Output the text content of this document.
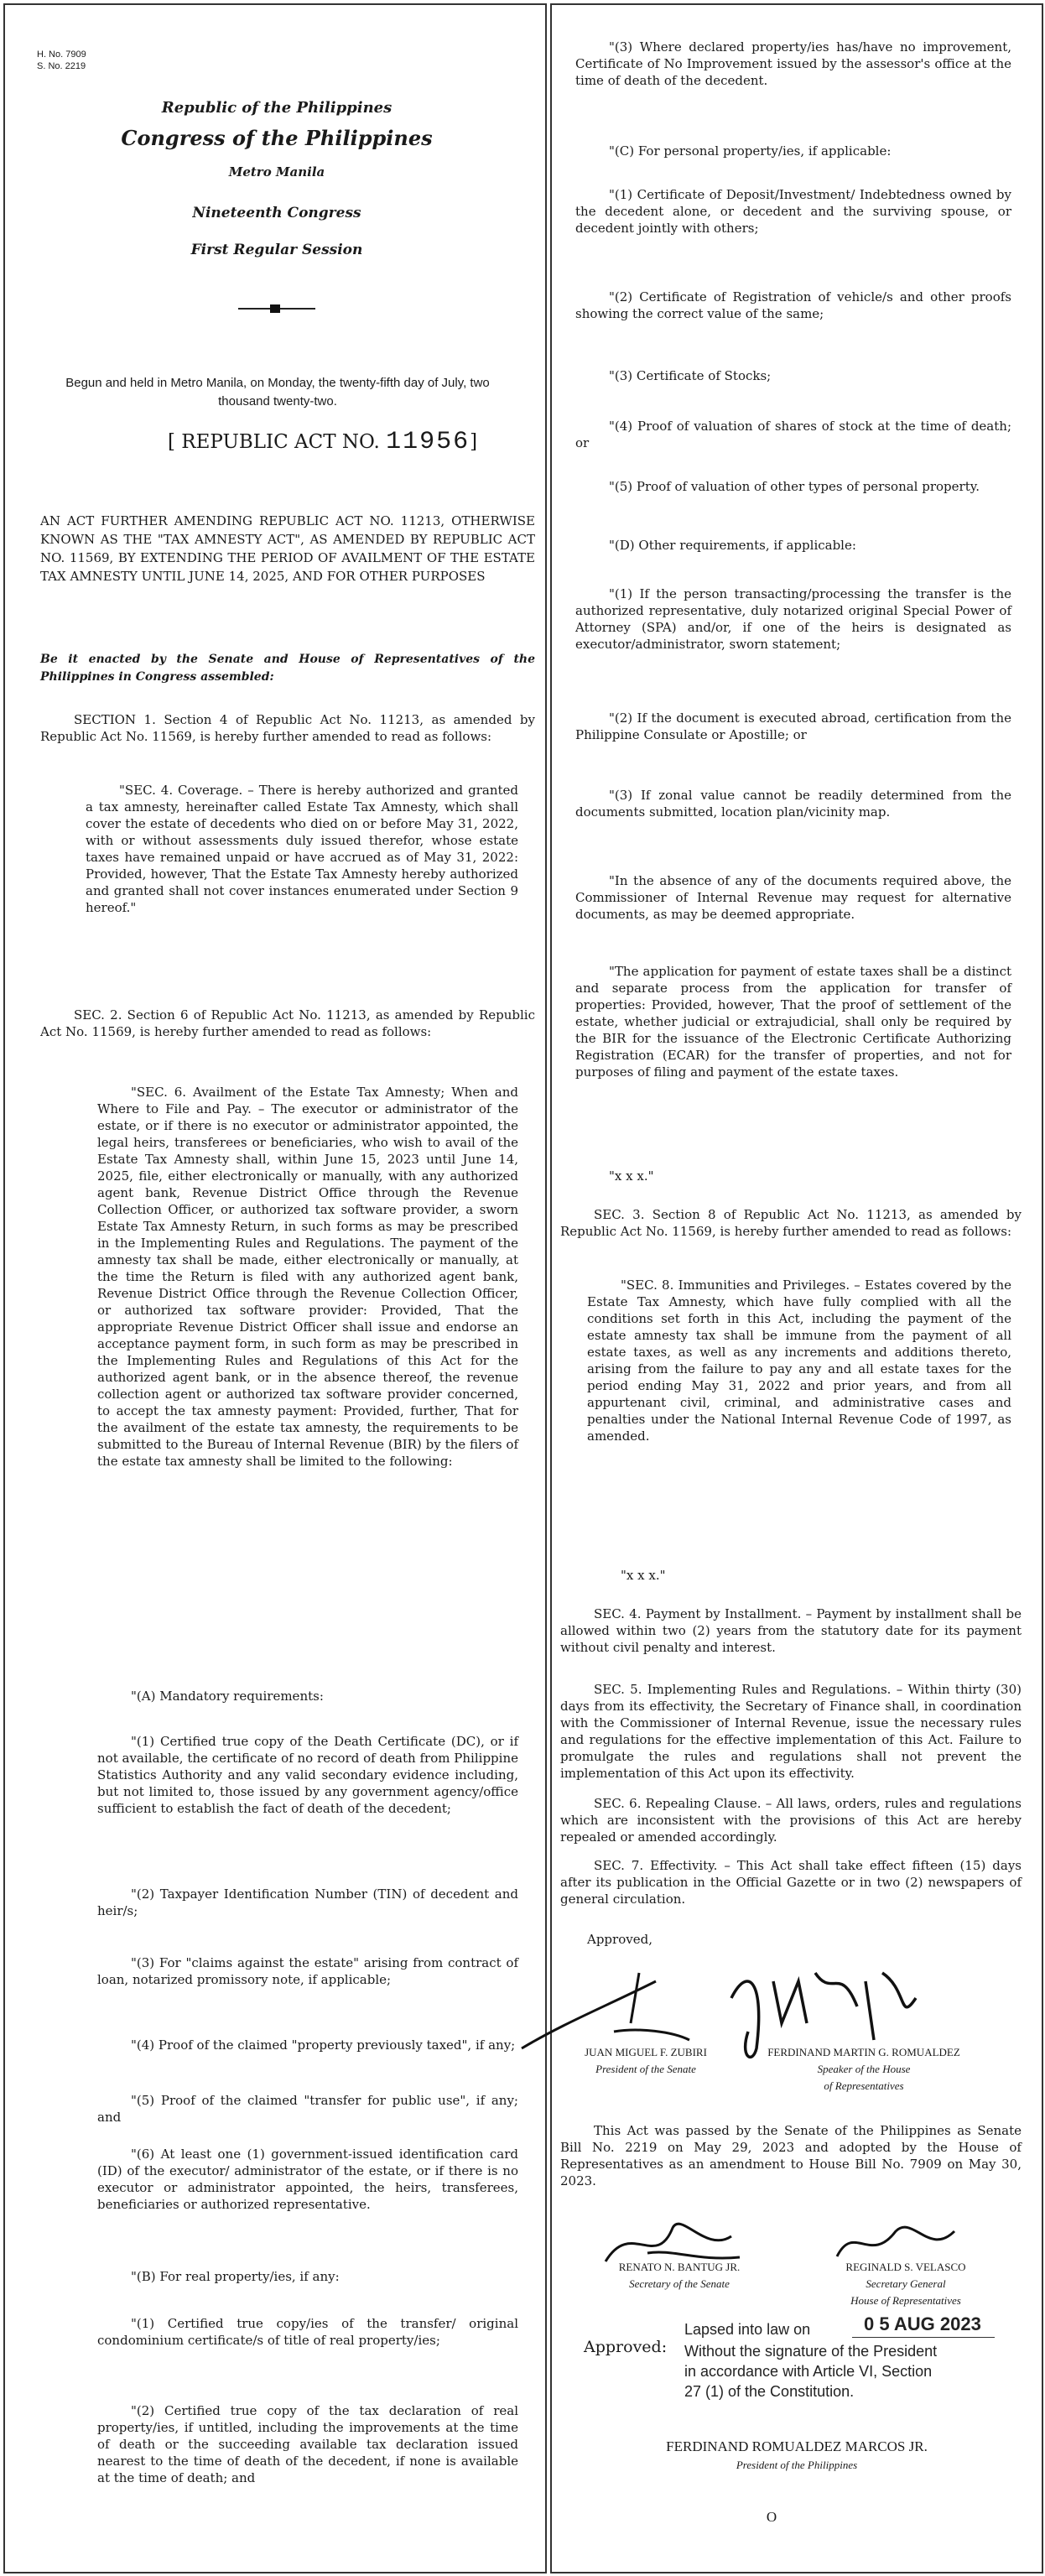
H. No. 7909
S. No. 2219
Republic of the Philippines
Congress of the Philippines
Metro Manila
Nineteenth Congress
First Regular Session

Begun and held in Metro Manila, on Monday, the twenty-fifth day of July, two thousand twenty-two.

[ REPUBLIC ACT NO. 11956]

AN ACT FURTHER AMENDING REPUBLIC ACT NO. 11213, OTHERWISE KNOWN AS THE "TAX AMNESTY ACT", AS AMENDED BY REPUBLIC ACT NO. 11569, BY EXTENDING THE PERIOD OF AVAILMENT OF THE ESTATE TAX AMNESTY UNTIL JUNE 14, 2025, AND FOR OTHER PURPOSES

Be it enacted by the Senate and House of Representatives of the Philippines in Congress assembled:

SECTION 1. Section 4 of Republic Act No. 11213, as amended by Republic Act No. 11569, is hereby further amended to read as follows:

"SEC. 4. Coverage. – There is hereby authorized and granted a tax amnesty, hereinafter called Estate Tax Amnesty, which shall cover the estate of decedents who died on or before May 31, 2022, with or without assessments duly issued therefor, whose estate taxes have remained unpaid or have accrued as of May 31, 2022: Provided, however, That the Estate Tax Amnesty hereby authorized and granted shall not cover instances enumerated under Section 9 hereof."

SEC. 2. Section 6 of Republic Act No. 11213, as amended by Republic Act No. 11569, is hereby further amended to read as follows:

"SEC. 6. Availment of the Estate Tax Amnesty; When and Where to File and Pay. – The executor or administrator of the estate, or if there is no executor or administrator appointed, the legal heirs, transferees or beneficiaries, who wish to avail of the Estate Tax Amnesty shall, within June 15, 2023 until June 14, 2025, file, either electronically or manually, with any authorized agent bank, Revenue District Office through the Revenue Collection Officer, or authorized tax software provider, a sworn Estate Tax Amnesty Return, in such forms as may be prescribed in the Implementing Rules and Regulations. The payment of the amnesty tax shall be made, either electronically or manually, at the time the Return is filed with any authorized agent bank, Revenue District Office through the Revenue Collection Officer, or authorized tax software provider: Provided, That the appropriate Revenue District Officer shall issue and endorse an acceptance payment form, in such form as may be prescribed in the Implementing Rules and Regulations of this Act for the authorized agent bank, or in the absence thereof, the revenue collection agent or authorized tax software provider concerned, to accept the tax amnesty payment: Provided, further, That for the availment of the estate tax amnesty, the requirements to be submitted to the Bureau of Internal Revenue (BIR) by the filers of the estate tax amnesty shall be limited to the following:

"(A) Mandatory requirements:

"(1) Certified true copy of the Death Certificate (DC), or if not available, the certificate of no record of death from Philippine Statistics Authority and any valid secondary evidence including, but not limited to, those issued by any government agency/office sufficient to establish the fact of death of the decedent;

"(2) Taxpayer Identification Number (TIN) of decedent and heir/s;

"(3) For "claims against the estate" arising from contract of loan, notarized promissory note, if applicable;

"(4) Proof of the claimed "property previously taxed", if any;

"(5) Proof of the claimed "transfer for public use", if any; and

"(6) At least one (1) government-issued identification card (ID) of the executor/ administrator of the estate, or if there is no executor or administrator appointed, the heirs, transferees, beneficiaries or authorized representative.

"(B) For real property/ies, if any:

"(1) Certified true copy/ies of the transfer/ original condominium certificate/s of title of real property/ies;

"(2) Certified true copy of the tax declaration of real property/ies, if untitled, including the improvements at the time of death or the succeeding available tax declaration issued nearest to the time of death of the decedent, if none is available at the time of death; and

"(3) Where declared property/ies has/have no improvement, Certificate of No Improvement issued by the assessor's office at the time of death of the decedent.

"(C) For personal property/ies, if applicable:

"(1) Certificate of Deposit/Investment/ Indebtedness owned by the decedent alone, or decedent and the surviving spouse, or decedent jointly with others;

"(2) Certificate of Registration of vehicle/s and other proofs showing the correct value of the same;

"(3) Certificate of Stocks;

"(4) Proof of valuation of shares of stock at the time of death; or

"(5) Proof of valuation of other types of personal property.

"(D) Other requirements, if applicable:

"(1) If the person transacting/processing the transfer is the authorized representative, duly notarized original Special Power of Attorney (SPA) and/or, if one of the heirs is designated as executor/administrator, sworn statement;

"(2) If the document is executed abroad, certification from the Philippine Consulate or Apostille; or

"(3) If zonal value cannot be readily determined from the documents submitted, location plan/vicinity map.

"In the absence of any of the documents required above, the Commissioner of Internal Revenue may request for alternative documents, as may be deemed appropriate.

"The application for payment of estate taxes shall be a distinct and separate process from the application for transfer of properties: Provided, however, That the proof of settlement of the estate, whether judicial or extrajudicial, shall only be required by the BIR for the issuance of the Electronic Certificate Authorizing Registration (ECAR) for the transfer of properties, and not for purposes of filing and payment of the estate taxes.

"x x x."

SEC. 3. Section 8 of Republic Act No. 11213, as amended by Republic Act No. 11569, is hereby further amended to read as follows:

"SEC. 8. Immunities and Privileges. – Estates covered by the Estate Tax Amnesty, which have fully complied with all the conditions set forth in this Act, including the payment of the estate amnesty tax shall be immune from the payment of all estate taxes, as well as any increments and additions thereto, arising from the failure to pay any and all estate taxes for the period ending May 31, 2022 and prior years, and from all appurtenant civil, criminal, and administrative cases and penalties under the National Internal Revenue Code of 1997, as amended.

"x x x."

SEC. 4. Payment by Installment. – Payment by installment shall be allowed within two (2) years from the statutory date for its payment without civil penalty and interest.

SEC. 5. Implementing Rules and Regulations. – Within thirty (30) days from its effectivity, the Secretary of Finance shall, in coordination with the Commissioner of Internal Revenue, issue the necessary rules and regulations for the effective implementation of this Act. Failure to promulgate the rules and regulations shall not prevent the implementation of this Act upon its effectivity.

SEC. 6. Repealing Clause. – All laws, orders, rules and regulations which are inconsistent with the provisions of this Act are hereby repealed or amended accordingly.

SEC. 7. Effectivity. – This Act shall take effect fifteen (15) days after its publication in the Official Gazette or in two (2) newspapers of general circulation.

Approved,

JUAN MIGUEL F. ZUBIRI
President of the Senate
FERDINAND MARTIN G. ROMUALDEZ
Speaker of the House
of Representatives

This Act was passed by the Senate of the Philippines as Senate Bill No. 2219 on May 29, 2023 and adopted by the House of Representatives as an amendment to House Bill No. 7909 on May 30, 2023.

RENATO N. BANTUG JR.
Secretary of the Senate
REGINALD S. VELASCO
Secretary General
House of Representatives
Approved:
Lapsed into law on	0 5 AUG 2023
Without the signature of the President
in accordance with Article VI, Section
27 (1) of the Constitution.
FERDINAND ROMUALDEZ MARCOS JR.
President of the Philippines
O
